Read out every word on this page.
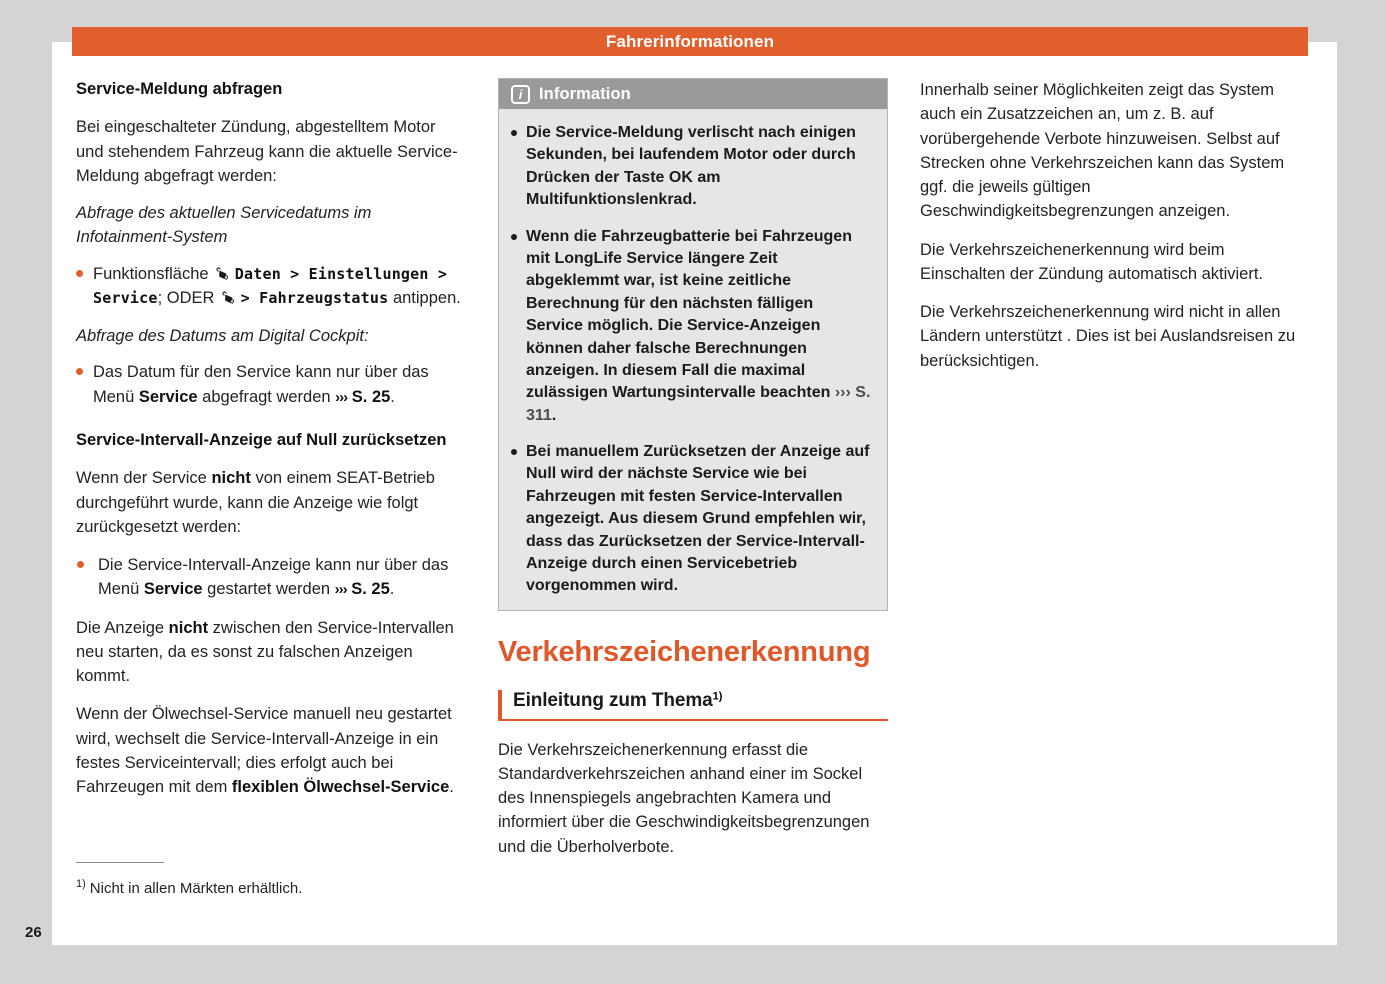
Fahrerinformationen
26
Service-Meldung abfragen
Bei eingeschalteter Zündung, abgestelltem Motor und stehendem Fahrzeug kann die aktuelle Service-Meldung abgefragt werden:
Abfrage des aktuellen Servicedatums im Infotainment-System
Funktionsfläche Daten > Einstellungen > Service; ODER > Fahrzeugstatus antippen.
Abfrage des Datums am Digital Cockpit:
Das Datum für den Service kann nur über das Menü Service abgefragt werden ››› S. 25.
Service-Intervall-Anzeige auf Null zurücksetzen
Wenn der Service nicht von einem SEAT-Betrieb durchgeführt wurde, kann die Anzeige wie folgt zurückgesetzt werden:
Die Service-Intervall-Anzeige kann nur über das Menü Service gestartet werden ››› S. 25.
Die Anzeige nicht zwischen den Service-Intervallen neu starten, da es sonst zu falschen Anzeigen kommt.
Wenn der Ölwechsel-Service manuell neu gestartet wird, wechselt die Service-Intervall-Anzeige in ein festes Serviceintervall; dies erfolgt auch bei Fahrzeugen mit dem flexiblen Ölwechsel-Service.
i	Information
Die Service-Meldung verlischt nach einigen Sekunden, bei laufendem Motor oder durch Drücken der Taste OK am Multifunktionslenkrad.
Wenn die Fahrzeugbatterie bei Fahrzeugen mit LongLife Service längere Zeit abgeklemmt war, ist keine zeitliche Berechnung für den nächsten fälligen Service möglich. Die Service-Anzeigen können daher falsche Berechnungen anzeigen. In diesem Fall die maximal zulässigen Wartungsintervalle beachten ››› S. 311.
Bei manuellem Zurücksetzen der Anzeige auf Null wird der nächste Service wie bei Fahrzeugen mit festen Service-Intervallen angezeigt. Aus diesem Grund empfehlen wir, dass das Zurücksetzen der Service-Intervall-Anzeige durch einen Servicebetrieb vorgenommen wird.
Verkehrszeichenerkennung
Einleitung zum Thema$^{1)}$
Die Verkehrszeichenerkennung erfasst die Standardverkehrszeichen anhand einer im Sockel des Innenspiegels angebrachten Kamera und informiert über die Geschwindigkeitsbegrenzungen und die Überholverbote.
Innerhalb seiner Möglichkeiten zeigt das System auch ein Zusatzzeichen an, um z. B. auf vorübergehende Verbote hinzuweisen. Selbst auf Strecken ohne Verkehrszeichen kann das System ggf. die jeweils gültigen Geschwindigkeitsbegrenzungen anzeigen.
Die Verkehrszeichenerkennung wird beim Einschalten der Zündung automatisch aktiviert.
Die Verkehrszeichenerkennung wird nicht in allen Ländern unterstützt . Dies ist bei Auslandsreisen zu berücksichtigen.
$^{1)}$ Nicht in allen Märkten erhältlich.
